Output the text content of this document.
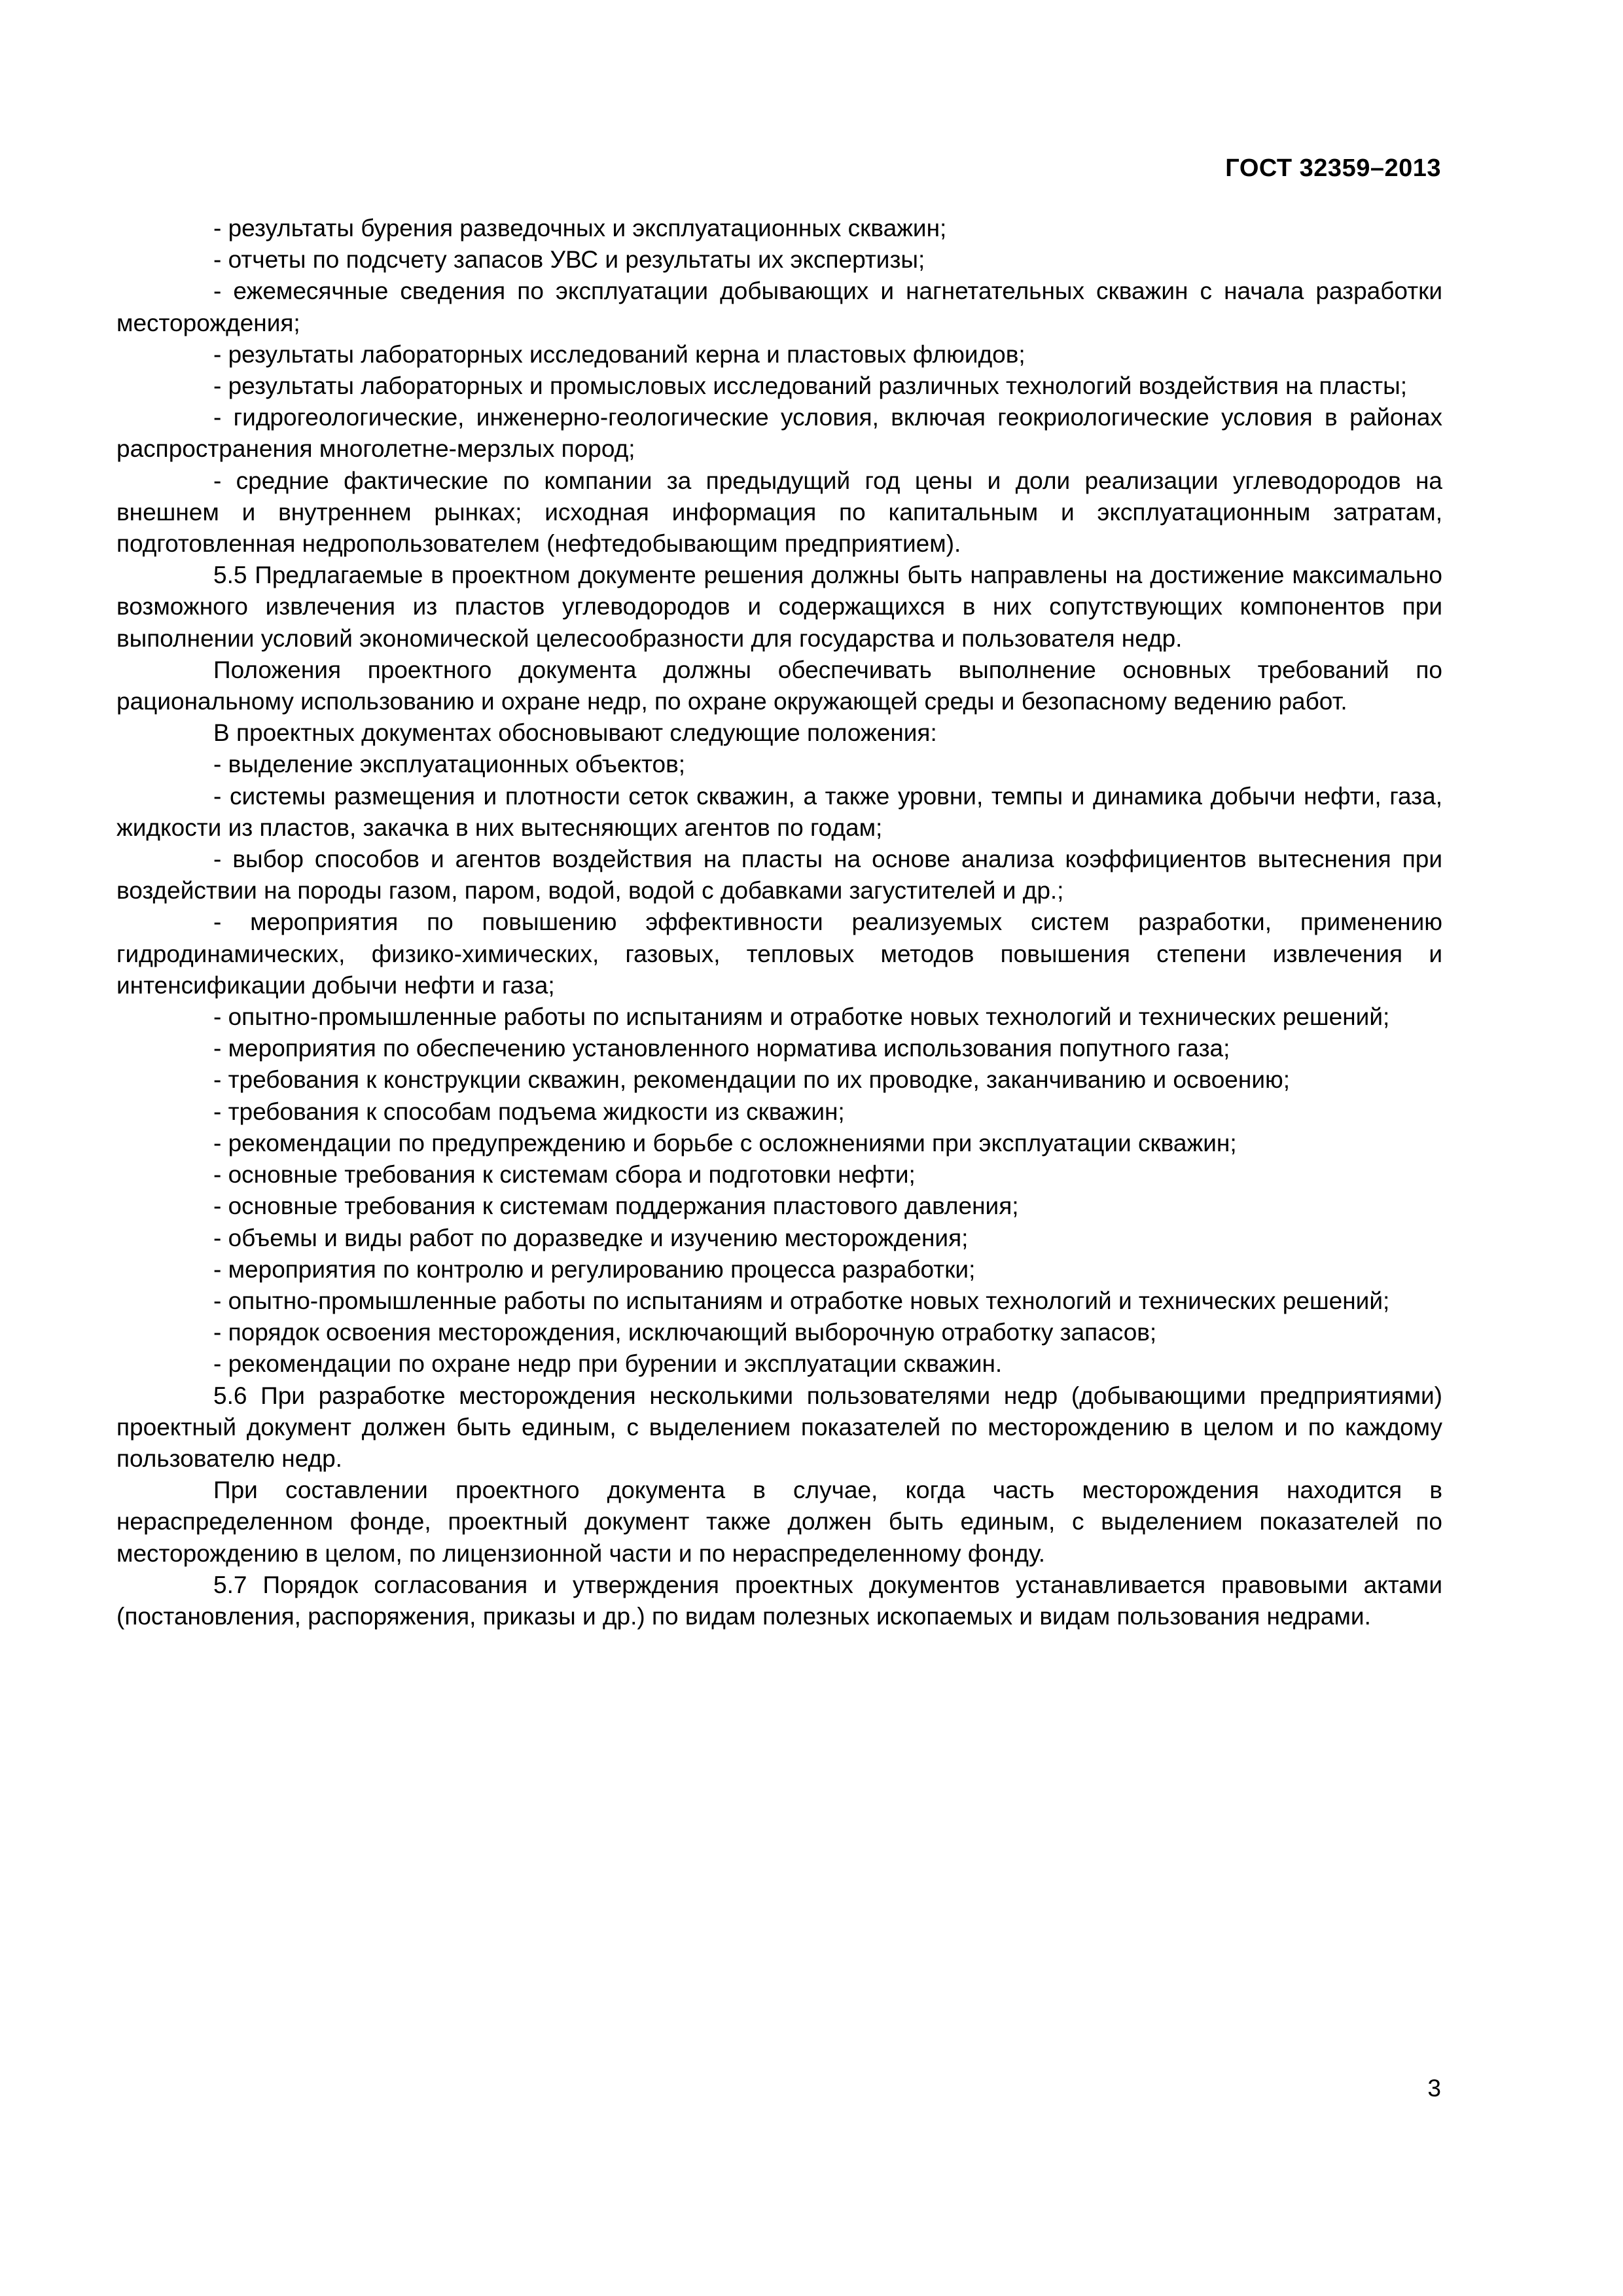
ГОСТ 32359–2013

- результаты бурения разведочных и эксплуатационных скважин;

- отчеты по подсчету запасов УВС и результаты их экспертизы;

- ежемесячные сведения по эксплуатации добывающих и нагнетательных скважин с начала разработки месторождения;

- результаты лабораторных исследований керна и пластовых флюидов;

- результаты лабораторных и промысловых исследований различных технологий воздействия на пласты;

- гидрогеологические, инженерно-геологические условия, включая геокриологические условия в районах распространения многолетне-мерзлых пород;

- средние фактические по компании за предыдущий год цены и доли реализации углеводородов на внешнем и внутреннем рынках; исходная информация по капитальным и эксплуатационным затратам, подготовленная недропользователем (нефтедобывающим предприятием).

5.5 Предлагаемые в проектном документе решения должны быть направлены на достижение максимально возможного извлечения из пластов углеводородов и содержащихся в них сопутствующих компонентов при выполнении условий экономической целесообразности для государства и пользователя недр.

Положения проектного документа должны обеспечивать выполнение основных требований по рациональному использованию и охране недр, по охране окружающей среды и безопасному ведению работ.

В проектных документах обосновывают следующие положения:

- выделение эксплуатационных объектов;

- системы размещения и плотности сеток скважин, а также уровни, темпы и динамика добычи нефти, газа, жидкости из пластов, закачка в них вытесняющих агентов по годам;

- выбор способов и агентов воздействия на пласты на основе анализа коэффициентов вытеснения при воздействии на породы газом, паром, водой, водой с добавками загустителей и др.;

- мероприятия по повышению эффективности реализуемых систем разработки, применению гидродинамических, физико-химических, газовых, тепловых методов повышения степени извлечения и интенсификации добычи нефти и газа;

- опытно-промышленные работы по испытаниям и отработке новых технологий и технических решений;

- мероприятия по обеспечению установленного норматива использования попутного газа;

- требования к конструкции скважин, рекомендации по их проводке, заканчиванию и освоению;

- требования к способам подъема жидкости из скважин;

- рекомендации по предупреждению и борьбе с осложнениями при эксплуатации скважин;

- основные требования к системам сбора и подготовки нефти;

- основные требования к системам поддержания пластового давления;

- объемы и виды работ по доразведке и изучению месторождения;

- мероприятия по контролю и регулированию процесса разработки;

- опытно-промышленные работы по испытаниям и отработке новых технологий и технических решений;

- порядок освоения месторождения, исключающий выборочную отработку запасов;

- рекомендации по охране недр при бурении и эксплуатации скважин.

5.6 При разработке месторождения несколькими пользователями недр (добывающими предприятиями) проектный документ должен быть единым, с выделением показателей по месторождению в целом и по каждому пользователю недр.

При составлении проектного документа в случае, когда часть месторождения находится в нераспределенном фонде, проектный документ также должен быть единым, с выделением показателей по месторождению в целом, по лицензионной части и по нераспределенному фонду.

5.7 Порядок согласования и утверждения проектных документов устанавливается правовыми актами (постановления, распоряжения, приказы и др.) по видам полезных ископаемых и видам пользования недрами.

3
